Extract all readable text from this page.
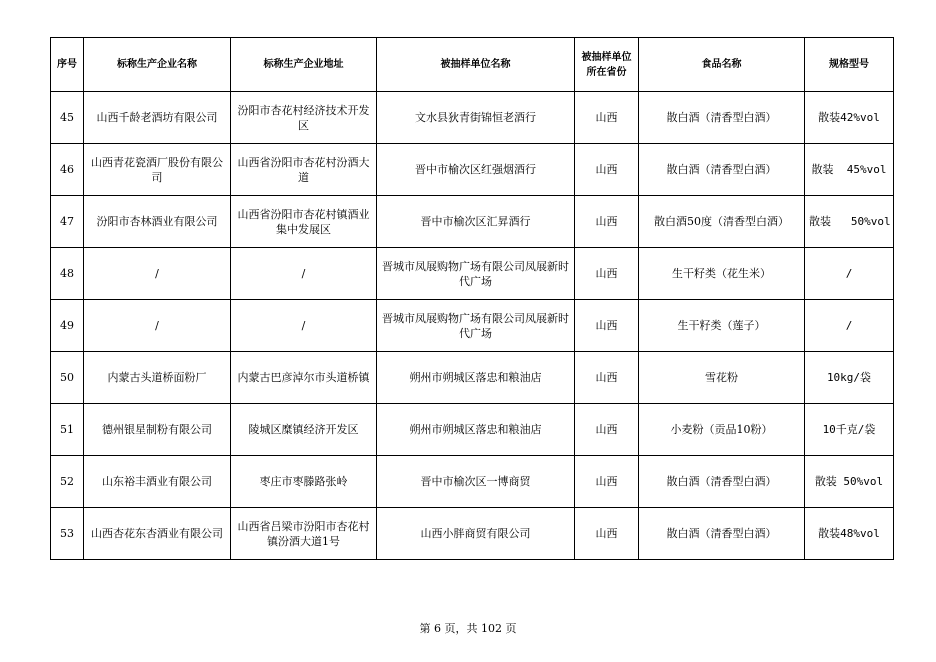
序号	标称生产企业名称	标称生产企业地址	被抽样单位名称	被抽样单位所在省份	食品名称	规格型号
45	山西千龄老酒坊有限公司	汾阳市杏花村经济技术开发区	文水县狄青街锦恒老酒行	山西	散白酒（清香型白酒）	散装42%vol
46	山西青花瓷酒厂股份有限公司	山西省汾阳市杏花村汾酒大道	晋中市榆次区红强烟酒行	山西	散白酒（清香型白酒）	散装  45%vol
47	汾阳市杏林酒业有限公司	山西省汾阳市杏花村镇酒业集中发展区	晋中市榆次区汇昇酒行	山西	散白酒50度（清香型白酒）	散装   50%vol
48	/	/	晋城市凤展购物广场有限公司凤展新时代广场	山西	生干籽类（花生米）	/
49	/	/	晋城市凤展购物广场有限公司凤展新时代广场	山西	生干籽类（莲子）	/
50	内蒙古头道桥面粉厂	内蒙古巴彦淖尔市头道桥镇	朔州市朔城区落忠和粮油店	山西	雪花粉	10kg/袋
51	德州银星制粉有限公司	陵城区糜镇经济开发区	朔州市朔城区落忠和粮油店	山西	小麦粉（贡品10粉）	10千克/袋
52	山东裕丰酒业有限公司	枣庄市枣滕路张岭	晋中市榆次区一博商贸	山西	散白酒（清香型白酒）	散装 50%vol
53	山西杏花东杏酒业有限公司	山西省吕梁市汾阳市杏花村镇汾酒大道1号	山西小胖商贸有限公司	山西	散白酒（清香型白酒）	散装48%vol
第 6 页，共 102 页
